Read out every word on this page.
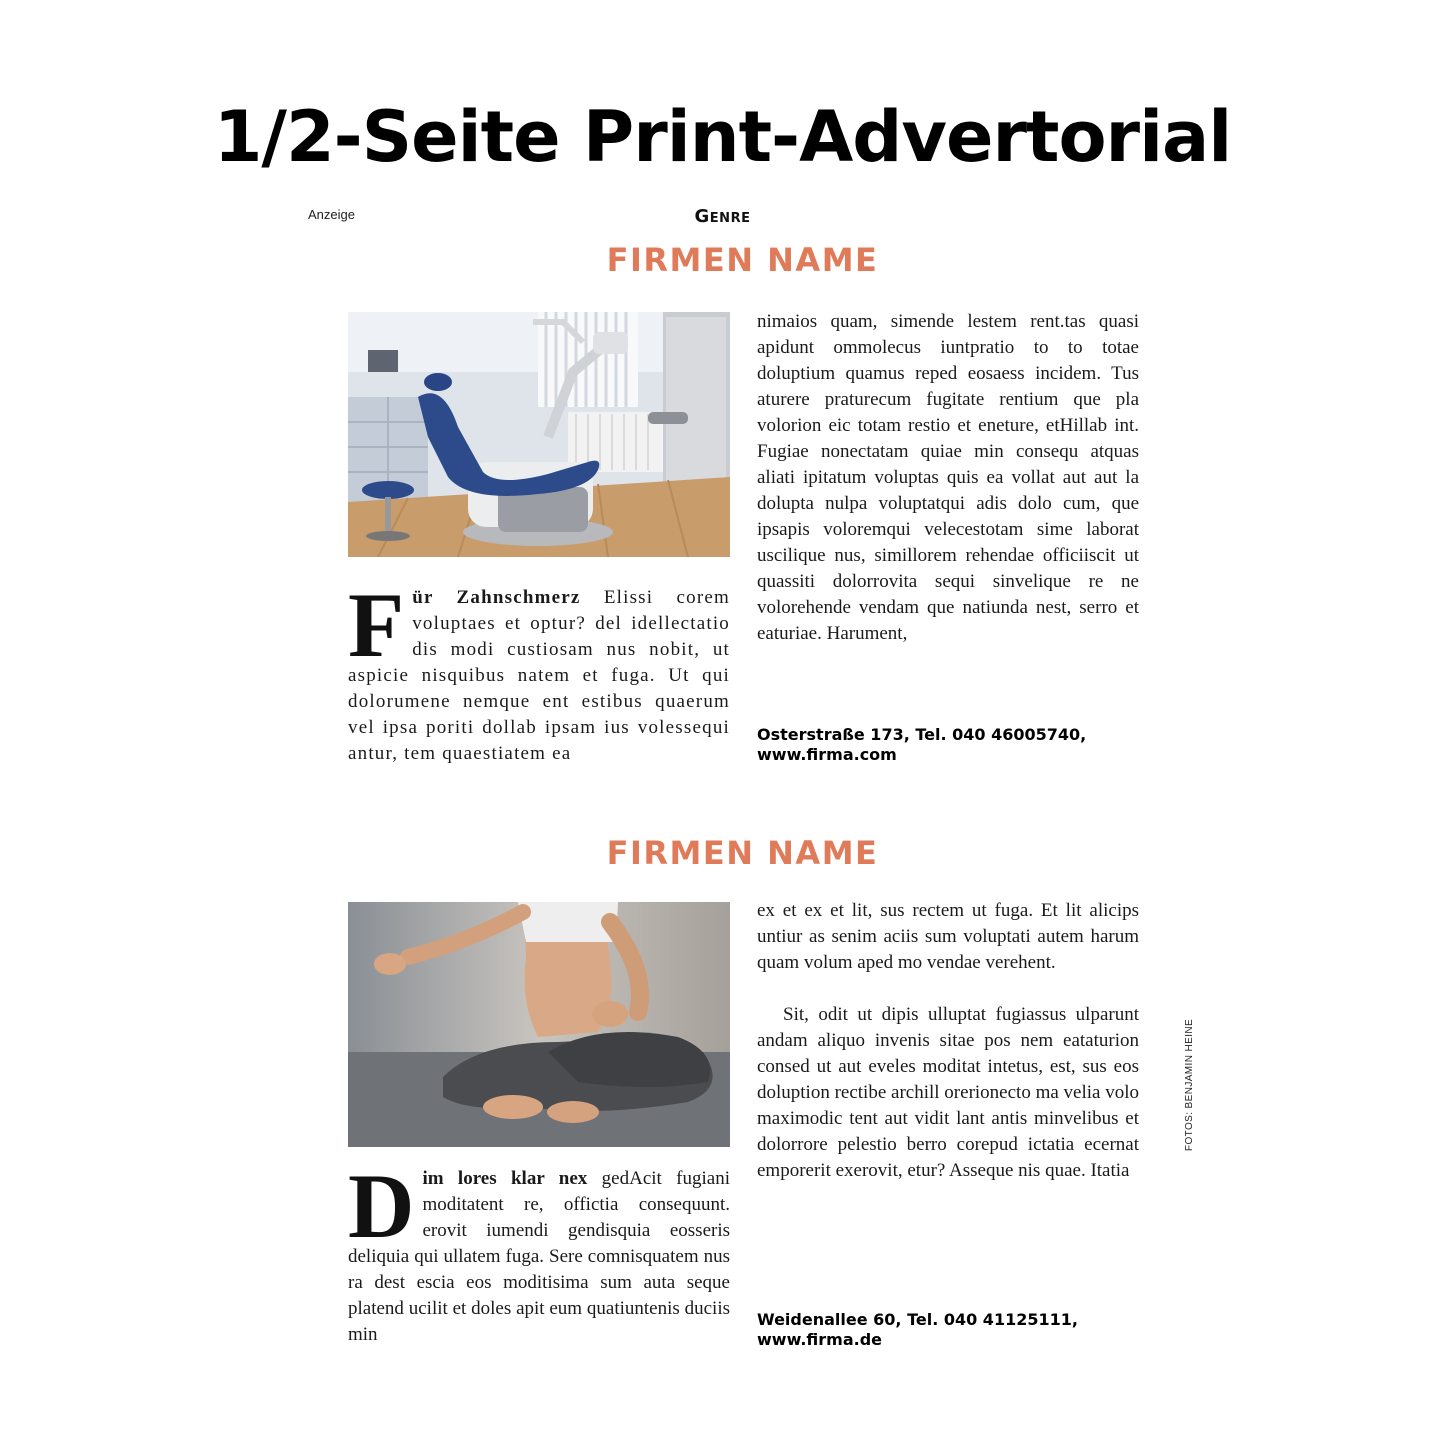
1/2-Seite Print-Advertorial
Anzeige	Genre
FIRMEN NAME
Für Zahnschmerz Elissi corem voluptaes et optur? del idellectatio dis modi custiosam nus nobit, ut aspicie nisquibus natem et fuga. Ut qui dolorumene nemque ent estibus quaerum vel ipsa poriti dollab ipsam ius volessequi antur, tem quaestiatem ea
nimaios quam, simende lestem rent.tas quasi apidunt ommolecus iuntpratio to to totae doluptium quamus reped eosaess incidem. Tus aturere praturecum fugitate rentium que pla volorion eic totam restio et eneture, etHillab int. Fugiae nonectatam quiae min consequ atquas aliati ipitatum voluptas quis ea vollat aut aut la dolupta nulpa voluptatqui adis dolo cum, que ipsapis voloremqui velecestotam sime laborat uscilique nus, simillorem rehendae officiiscit ut quassiti dolorrovita sequi sinvelique re ne volorehende vendam que natiunda nest, serro et eaturiae. Harument,
Osterstraße 173, Tel. 040 46005740,
www.firma.com
FIRMEN NAME
Dim lores klar nex gedAcit fugiani moditatent re, offictia consequunt. erovit iumendi gendisquia eosseris deliquia qui ullatem fuga. Sere comnisquatem nus ra dest escia eos moditisima sum auta seque platend ucilit et doles apit eum quatiuntenis duciis min
ex et ex et lit, sus rectem ut fuga. Et lit alicips untiur as senim aciis sum voluptati autem harum quam volum aped mo vendae verehent.
Sit, odit ut dipis ulluptat fugiassus ulparunt andam aliquo invenis sitae pos nem eataturion consed ut aut eveles moditat intetus, est, sus eos doluption rectibe archill orerionecto ma velia volo maximodic tent aut vidit lant antis minvelibus et dolorrore pelestio berro corepud ictatia ecernat emporerit exerovit, etur? Asseque nis quae. Itatia
Weidenallee 60, Tel. 040 41125111,
www.firma.de
FOTOS: BENJAMIN HEINE
